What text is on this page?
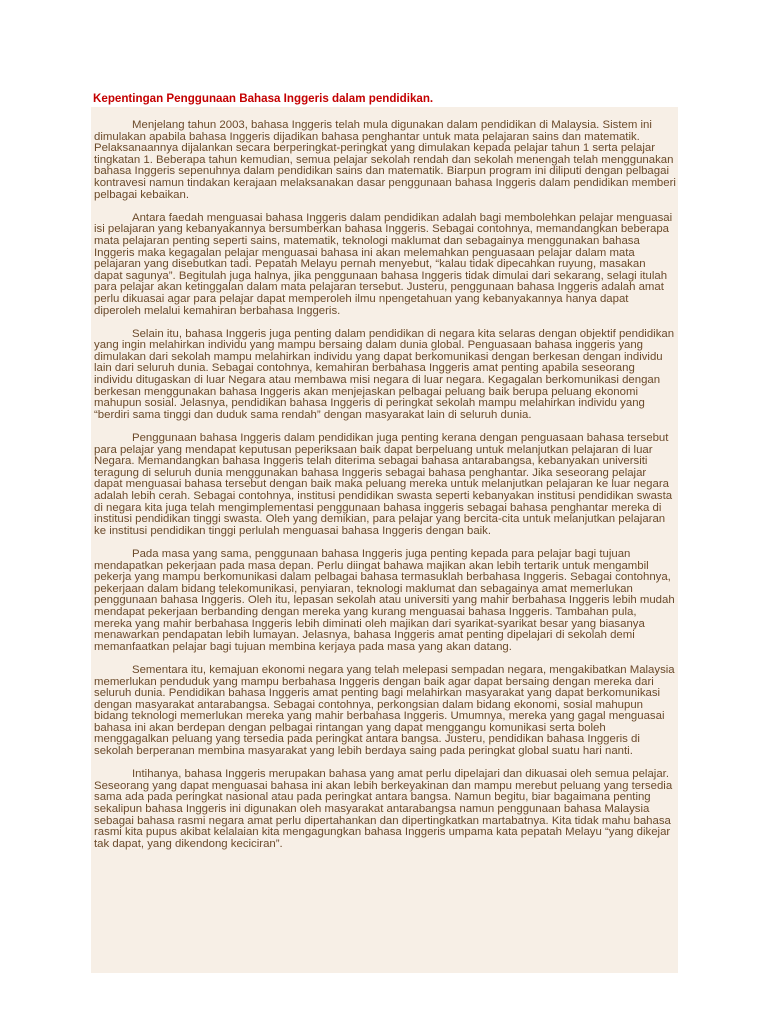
Kepentingan Penggunaan Bahasa Inggeris dalam pendidikan.

Menjelang tahun 2003, bahasa Inggeris telah mula digunakan dalam pendidikan di Malaysia. Sistem ini dimulakan apabila bahasa Inggeris dijadikan bahasa penghantar untuk mata pelajaran sains dan matematik. Pelaksanaannya dijalankan secara berperingkat-peringkat yang dimulakan kepada pelajar tahun 1 serta pelajar tingkatan 1. Beberapa tahun kemudian, semua pelajar sekolah rendah dan sekolah menengah telah menggunakan bahasa Inggeris sepenuhnya dalam pendidikan sains dan matematik. Biarpun program ini diliputi dengan pelbagai kontravesi namun tindakan kerajaan melaksanakan dasar penggunaan bahasa Inggeris dalam pendidikan memberi pelbagai kebaikan.

Antara faedah menguasai bahasa Inggeris dalam pendidikan adalah bagi membolehkan pelajar menguasai isi pelajaran yang kebanyakannya bersumberkan bahasa Inggeris. Sebagai contohnya, memandangkan beberapa mata pelajaran penting seperti sains, matematik, teknologi maklumat dan sebagainya menggunakan bahasa Inggeris maka kegagalan pelajar menguasai bahasa ini akan melemahkan penguasaan pelajar dalam mata pelajaran yang disebutkan tadi. Pepatah Melayu pernah menyebut, “kalau tidak dipecahkan ruyung, masakan dapat sagunya”. Begitulah juga halnya, jika penggunaan bahasa Inggeris tidak dimulai dari sekarang, selagi itulah para pelajar akan ketinggalan dalam mata pelajaran tersebut. Justeru, penggunaan bahasa Inggeris adalah amat perlu dikuasai agar para pelajar dapat memperoleh ilmu npengetahuan yang kebanyakannya hanya dapat diperoleh melalui kemahiran berbahasa Inggeris.

Selain itu, bahasa Inggeris juga penting dalam pendidikan di negara kita selaras dengan objektif pendidikan yang ingin melahirkan individu yang mampu bersaing dalam dunia global. Penguasaan bahasa inggeris yang dimulakan dari sekolah mampu melahirkan individu yang dapat berkomunikasi dengan berkesan dengan individu lain dari seluruh dunia. Sebagai contohnya, kemahiran berbahasa Inggeris amat penting apabila seseorang individu ditugaskan di luar Negara atau membawa misi negara di luar negara. Kegagalan berkomunikasi dengan berkesan menggunakan bahasa Inggeris akan menjejaskan pelbagai peluang baik berupa peluang ekonomi mahupun sosial. Jelasnya, pendidikan bahasa Inggeris di peringkat sekolah mampu melahirkan individu yang “berdiri sama tinggi dan duduk sama rendah” dengan masyarakat lain di seluruh dunia.

Penggunaan bahasa Inggeris dalam pendidikan juga penting kerana dengan penguasaan bahasa tersebut para pelajar yang mendapat keputusan peperiksaan baik dapat berpeluang untuk melanjutkan pelajaran di luar Negara. Memandangkan bahasa Inggeris telah diterima sebagai bahasa antarabangsa, kebanyakan universiti teragung di seluruh dunia menggunakan bahasa Inggeris sebagai bahasa penghantar. Jika seseorang pelajar dapat menguasai bahasa tersebut dengan baik maka peluang mereka untuk melanjutkan pelajaran ke luar negara adalah lebih cerah. Sebagai contohnya, institusi pendidikan swasta seperti kebanyakan institusi pendidikan swasta di negara kita juga telah mengimplementasi penggunaan bahasa inggeris sebagai bahasa penghantar mereka di institusi pendidikan tinggi swasta. Oleh yang demikian, para pelajar yang bercita-cita untuk melanjutkan pelajaran ke institusi pendidikan tinggi perlulah menguasai bahasa Inggeris dengan baik.

Pada masa yang sama, penggunaan bahasa Inggeris juga penting kepada para pelajar bagi tujuan mendapatkan pekerjaan pada masa depan. Perlu diingat bahawa majikan akan lebih tertarik untuk mengambil pekerja yang mampu berkomunikasi dalam pelbagai bahasa termasuklah berbahasa Inggeris. Sebagai contohnya, pekerjaan dalam bidang telekomunikasi, penyiaran, teknologi maklumat dan sebagainya amat memerlukan penggunaan bahasa Inggeris. Oleh itu, lepasan sekolah atau universiti yang mahir berbahasa Inggeris lebih mudah mendapat pekerjaan berbanding dengan mereka yang kurang menguasai bahasa Inggeris. Tambahan pula, mereka yang mahir berbahasa Inggeris lebih diminati oleh majikan dari syarikat-syarikat besar yang biasanya menawarkan pendapatan lebih lumayan. Jelasnya, bahasa Inggeris amat penting dipelajari di sekolah demi memanfaatkan pelajar bagi tujuan membina kerjaya pada masa yang akan datang.

Sementara itu, kemajuan ekonomi negara yang telah melepasi sempadan negara, mengakibatkan Malaysia memerlukan penduduk yang mampu berbahasa Inggeris dengan baik agar dapat bersaing dengan mereka dari seluruh dunia. Pendidikan bahasa Inggeris amat penting bagi melahirkan masyarakat yang dapat berkomunikasi dengan masyarakat antarabangsa. Sebagai contohnya, perkongsian dalam bidang ekonomi, sosial mahupun bidang teknologi memerlukan mereka yang mahir berbahasa Inggeris. Umumnya, mereka yang gagal menguasai bahasa ini akan berdepan dengan pelbagai rintangan yang dapat menggangu komunikasi serta boleh menggagalkan peluang yang tersedia pada peringkat antara bangsa. Justeru, pendidikan bahasa Inggeris di sekolah berperanan membina masyarakat yang lebih berdaya saing pada peringkat global suatu hari nanti.

Intihanya, bahasa Inggeris merupakan bahasa yang amat perlu dipelajari dan dikuasai oleh semua pelajar. Seseorang yang dapat menguasai bahasa ini akan lebih berkeyakinan dan mampu merebut peluang yang tersedia sama ada pada peringkat nasional atau pada peringkat antara bangsa. Namun begitu, biar bagaimana penting sekalipun bahasa Inggeris ini digunakan oleh masyarakat antarabangsa namun penggunaan bahasa Malaysia sebagai bahasa rasmi negara amat perlu dipertahankan dan dipertingkatkan martabatnya. Kita tidak mahu bahasa rasmi kita pupus akibat kelalaian kita mengagungkan bahasa Inggeris umpama kata pepatah Melayu “yang dikejar tak dapat, yang dikendong keciciran”.
